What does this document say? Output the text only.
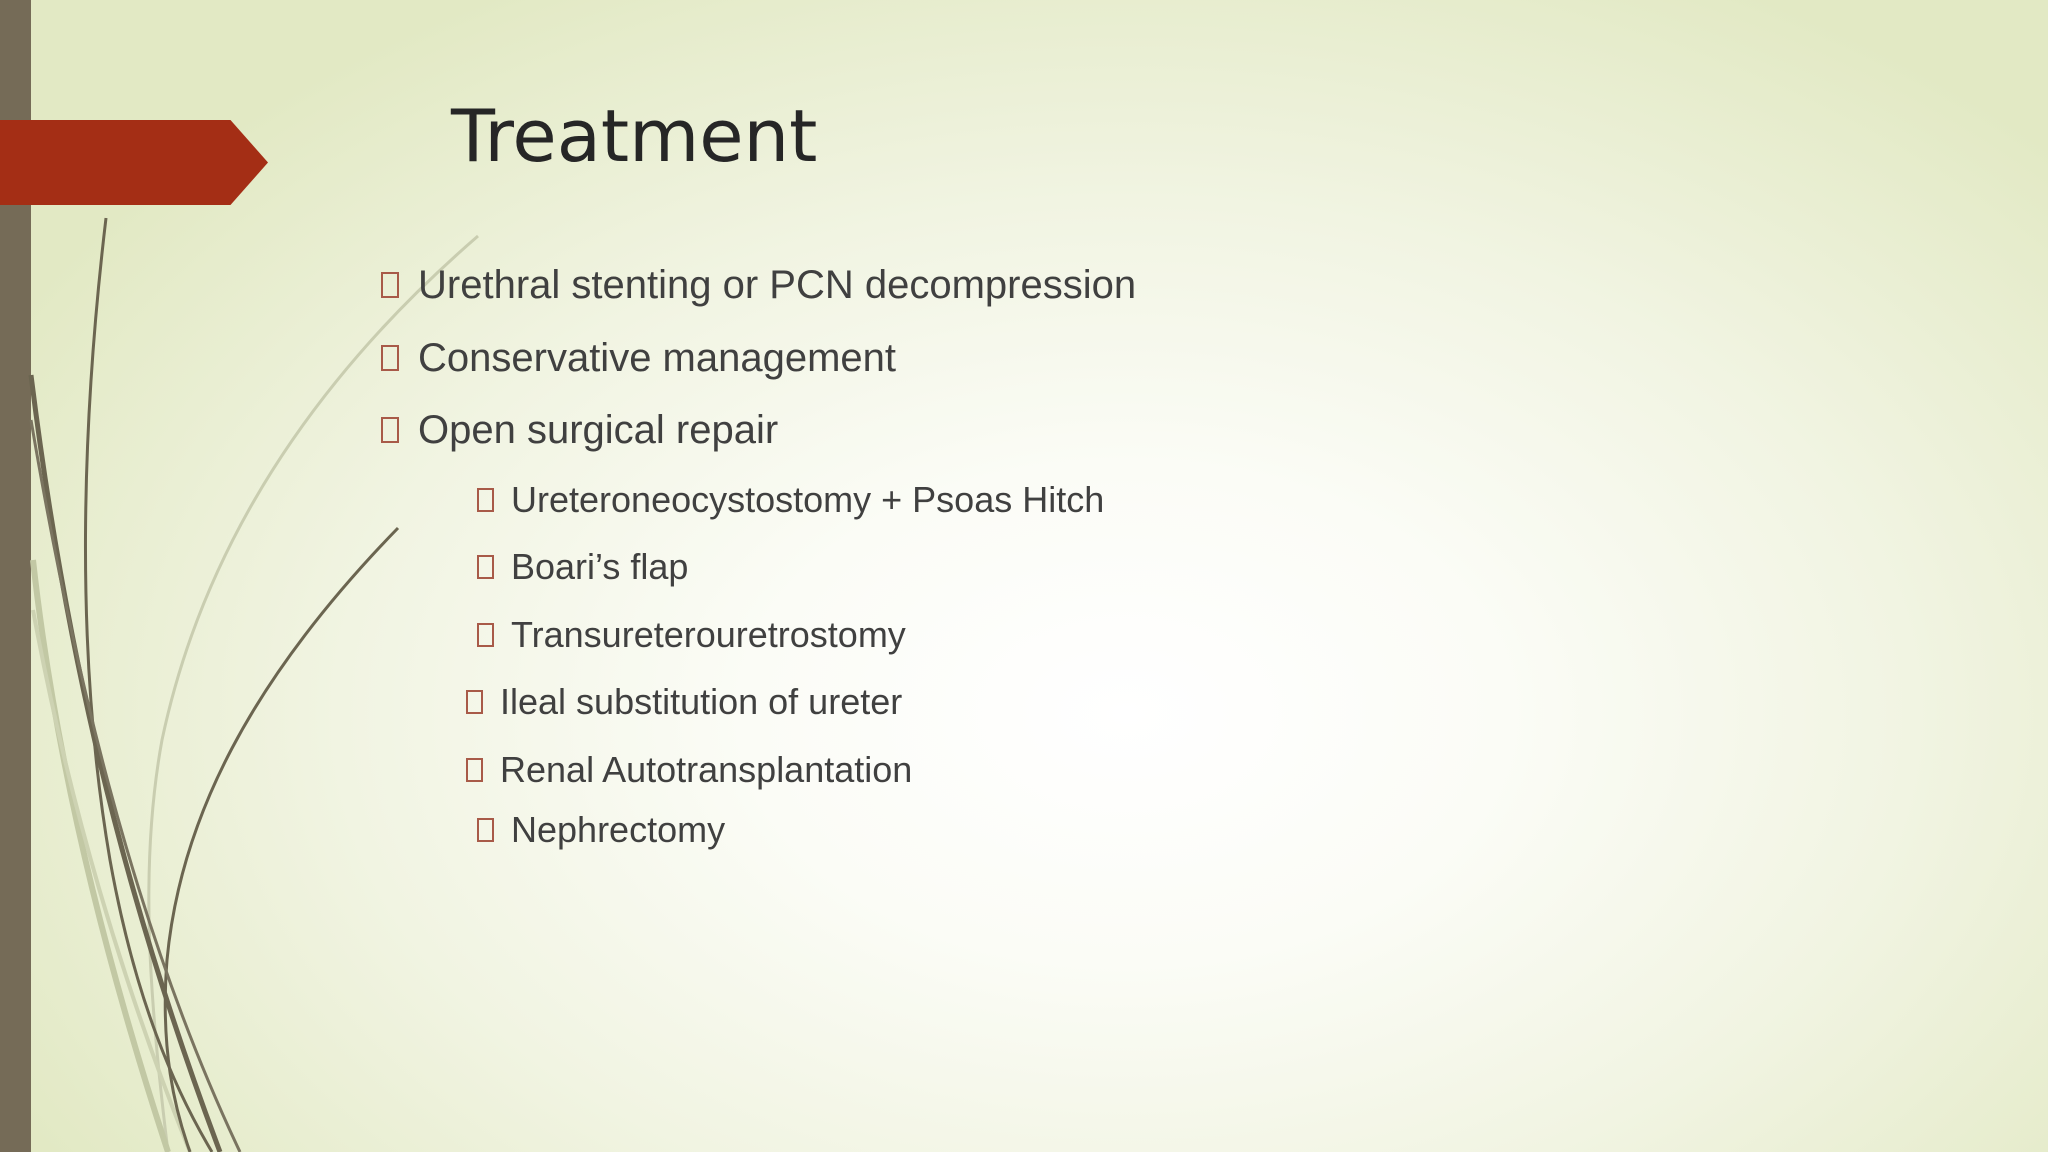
Treatment
Urethral stenting or PCN decompression
Conservative management
Open surgical repair
Ureteroneocystostomy + Psoas Hitch
Boari’s flap
Transureterouretrostomy
Ileal substitution of ureter
Renal Autotransplantation
Nephrectomy
